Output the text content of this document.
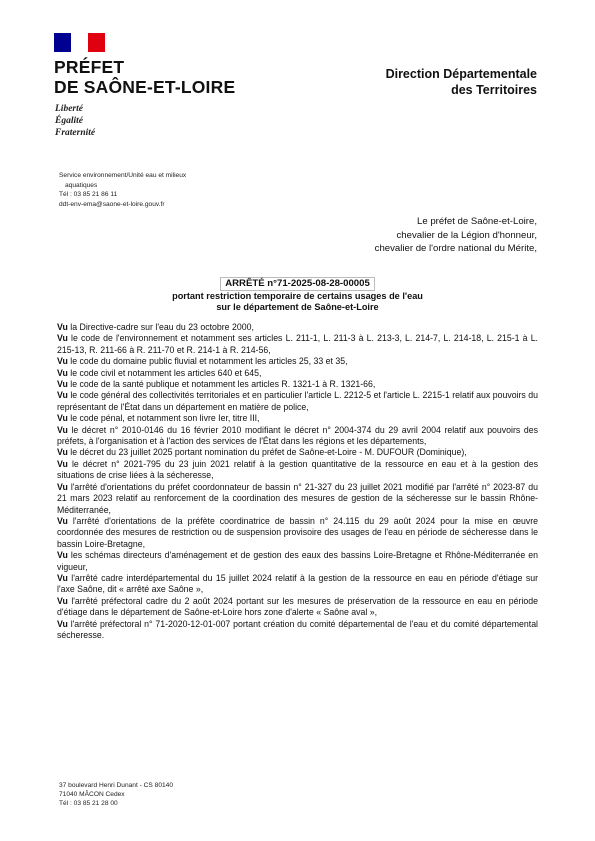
PRÉFET
DE SAÔNE-ET-LOIRE
Liberté
Égalité
Fraternité
Direction Départementale
des Territoires
Service environnement/Unité eau et milieux
aquatiques
Tél : 03 85 21 86 11
ddt-env-ema@saone-et-loire.gouv.fr
Le préfet de Saône-et-Loire,
chevalier de la Légion d'honneur,
chevalier de l'ordre national du Mérite,
ARRÊTÉ n°71-2025-08-28-00005
portant restriction temporaire de certains usages de l'eau
sur le département de Saône-et-Loire

Vu la Directive-cadre sur l'eau du 23 octobre 2000,

Vu le code de l'environnement et notamment ses articles L. 211-1, L. 211-3 à L. 213-3, L. 214-7, L. 214-18, L. 215-1 à L. 215-13, R. 211-66 à R. 211-70 et R. 214-1 à R. 214-56,

Vu le code du domaine public fluvial et notamment les articles 25, 33 et 35,

Vu le code civil et notamment les articles 640 et 645,

Vu le code de la santé publique et notamment les articles R. 1321-1 à R. 1321-66,

Vu le code général des collectivités territoriales et en particulier l'article L. 2212-5 et l'article L. 2215-1 relatif aux pouvoirs du représentant de l'État dans un département en matière de police,

Vu le code pénal, et notamment son livre Ier, titre III,

Vu le décret n° 2010-0146 du 16 février 2010 modifiant le décret n° 2004-374 du 29 avril 2004 relatif aux pouvoirs des préfets, à l'organisation et à l'action des services de l'État dans les régions et les départements,

Vu le décret du 23 juillet 2025 portant nomination du préfet de Saône-et-Loire - M. DUFOUR (Dominique),

Vu le décret n° 2021-795 du 23 juin 2021 relatif à la gestion quantitative de la ressource en eau et à la gestion des situations de crise liées à la sécheresse,

Vu l'arrêté d'orientations du préfet coordonnateur de bassin n° 21-327 du 23 juillet 2021 modifié par l'arrêté n° 2023-87 du 21 mars 2023 relatif au renforcement de la coordination des mesures de gestion de la sécheresse sur le bassin Rhône-Méditerranée,

Vu l'arrêté d'orientations de la préfète coordinatrice de bassin n° 24.115 du 29 août 2024 pour la mise en œuvre coordonnée des mesures de restriction ou de suspension provisoire des usages de l'eau en période de sécheresse dans le bassin Loire-Bretagne,

Vu les schémas directeurs d'aménagement et de gestion des eaux des bassins Loire-Bretagne et Rhône-Méditerranée en vigueur,

Vu l'arrêté cadre interdépartemental du 15 juillet 2024 relatif à la gestion de la ressource en eau en période d'étiage sur l'axe Saône, dit « arrêté axe Saône »,

Vu l'arrêté préfectoral cadre du 2 août 2024 portant sur les mesures de préservation de la ressource en eau en période d'étiage dans le département de Saône-et-Loire hors zone d'alerte « Saône aval »,

Vu l'arrêté préfectoral n° 71-2020-12-01-007 portant création du comité départemental de l'eau et du comité départemental sécheresse.

37 boulevard Henri Dunant - CS 80140
71040 MÂCON Cedex
Tél : 03 85 21 28 00
